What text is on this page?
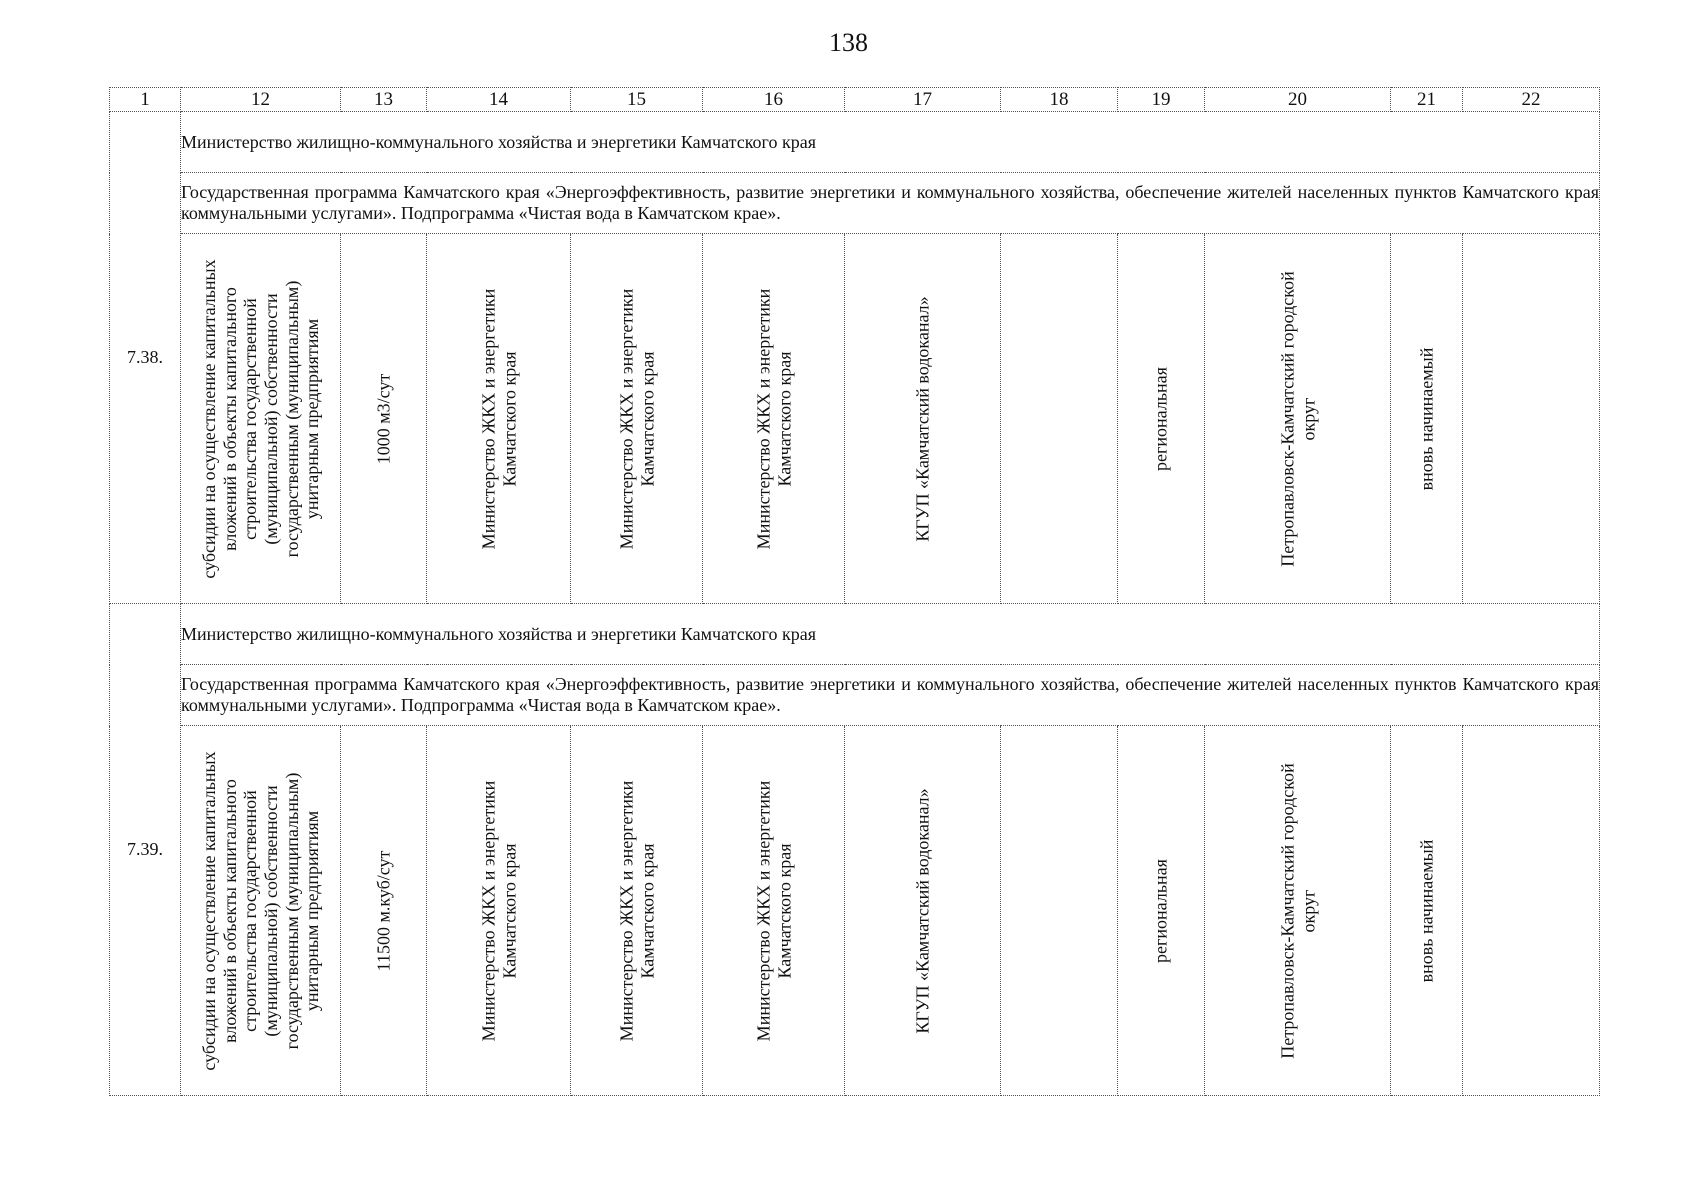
138
1	12	13	14	15	16	17	18	19	20	21	22
7.38.	Министерство жилищно-коммунального хозяйства и энергетики Камчатского края										
	Государственная программа Камчатского края «Энергоэффективность, развитие энергетики и коммунального хозяйства, обеспечение жителей населенных пунктов Камчатского края коммунальными услугами». Подпрограмма «Чистая вода в Камчатском крае».										

	субсидии на осуществление капитальных вложений в объекты капитального строительства государственной (муниципальной) собственности государственным (муниципальным) унитарным предприятиям	1000 м3/сут	Министерство ЖКХ и энергетики Камчатского края	Министерство ЖКХ и энергетики Камчатского края	Министерство ЖКХ и энергетики Камчатского края	КГУП «Камчатский водоканал»		региональная	Петропавловск-Камчатский городской округ	вновь начинаемый	

7.39.	Министерство жилищно-коммунального хозяйства и энергетики Камчатского края										
	Государственная программа Камчатского края «Энергоэффективность, развитие энергетики и коммунального хозяйства, обеспечение жителей населенных пунктов Камчатского края коммунальными услугами». Подпрограмма «Чистая вода в Камчатском крае».										

	субсидии на осуществление капитальных вложений в объекты капитального строительства государственной (муниципальной) собственности государственным (муниципальным) унитарным предприятиям	11500 м.куб/сут	Министерство ЖКХ и энергетики Камчатского края	Министерство ЖКХ и энергетики Камчатского края	Министерство ЖКХ и энергетики Камчатского края	КГУП «Камчатский водоканал»		региональная	Петропавловск-Камчатский городской округ	вновь начинаемый	
